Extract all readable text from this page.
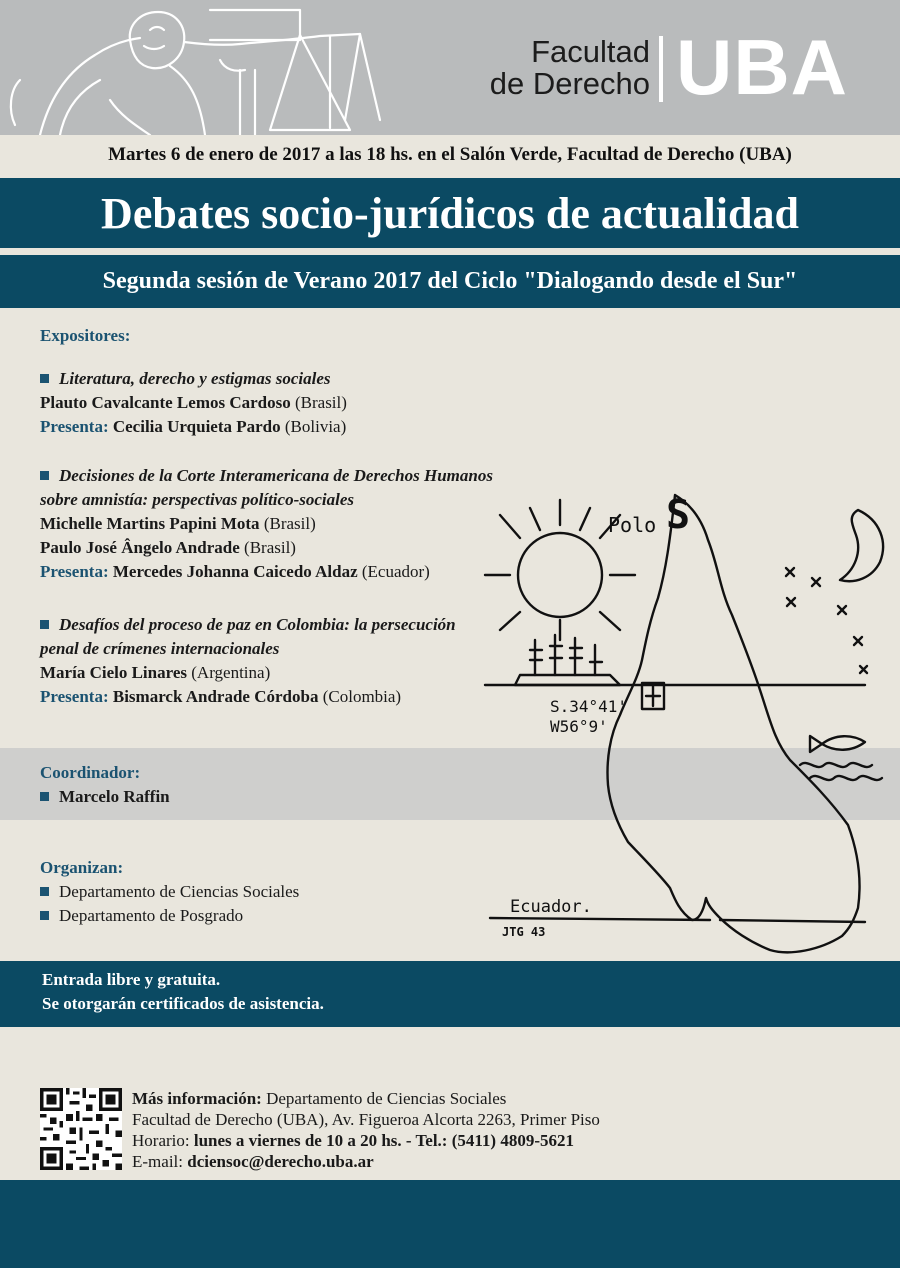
Facultad
de Derecho UBA
Martes 6 de enero de 2017 a las 18 hs. en el Salón Verde, Facultad de Derecho (UBA)
Debates socio-jurídicos de actualidad
Segunda sesión de Verano 2017 del Ciclo "Dialogando desde el Sur"
Polo S
S.34°41'
W56°9'
Ecuador.
JTG 43
Expositores:
Literatura, derecho y estigmas sociales
Plauto Cavalcante Lemos Cardoso (Brasil)
Presenta: Cecilia Urquieta Pardo (Bolivia)
Decisiones de la Corte Interamericana de Derechos Humanos
sobre amnistía: perspectivas político-sociales
Michelle Martins Papini Mota (Brasil)
Paulo José Ângelo Andrade (Brasil)
Presenta: Mercedes Johanna Caicedo Aldaz (Ecuador)
Desafíos del proceso de paz en Colombia: la persecución
penal de crímenes internacionales
María Cielo Linares (Argentina)
Presenta: Bismarck Andrade Córdoba (Colombia)
Coordinador:
Marcelo Raffin
Organizan:
Departamento de Ciencias Sociales
Departamento de Posgrado
Entrada libre y gratuita.
Se otorgarán certificados de asistencia.
Más información: Departamento de Ciencias Sociales
Facultad de Derecho (UBA), Av. Figueroa Alcorta 2263, Primer Piso
Horario: lunes a viernes de 10 a 20 hs. - Tel.: (5411) 4809-5621
E-mail: dciensoc@derecho.uba.ar
